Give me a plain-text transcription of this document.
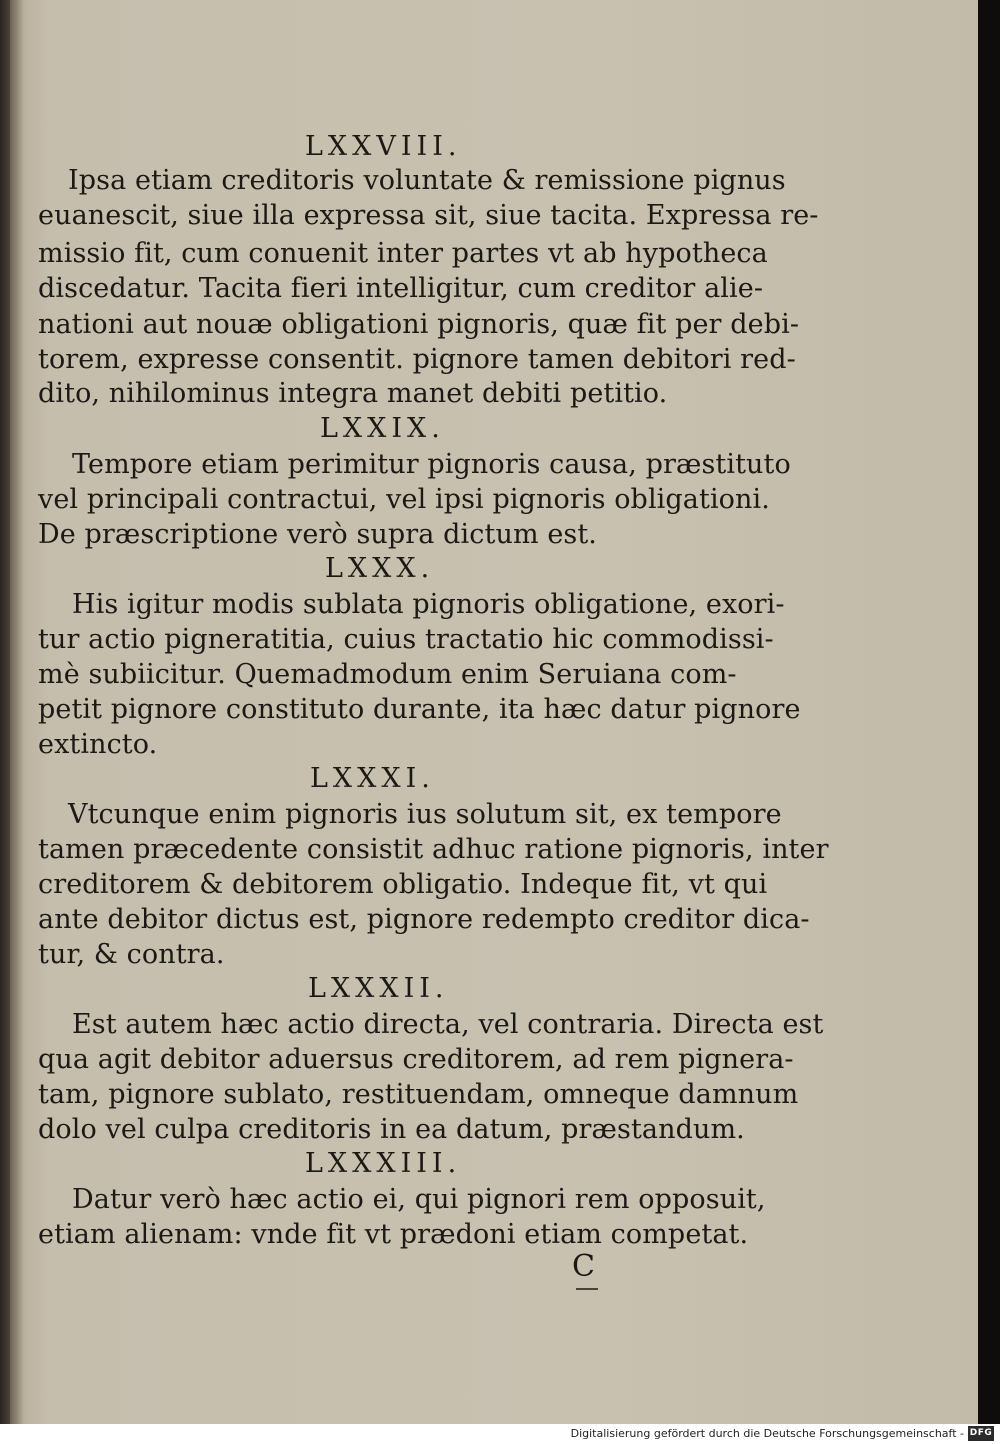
LXXVIII.
Ipsa etiam creditoris voluntate & remissione pignus
euanescit, siue illa expressa sit, siue tacita. Expressa re-
missio fit, cum conuenit inter partes vt ab hypotheca
discedatur. Tacita fieri intelligitur, cum creditor alie-
nationi aut nouæ obligationi pignoris, quæ fit per debi-
torem, expresse consentit. pignore tamen debitori red-
dito, nihilominus integra manet debiti petitio.
LXXIX.
Tempore etiam perimitur pignoris causa, præstituto
vel principali contractui, vel ipsi pignoris obligationi.
De præscriptione verò supra dictum est.
LXXX.
His igitur modis sublata pignoris obligatione, exori-
tur actio pigneratitia, cuius tractatio hic commodissi-
mè subiicitur. Quemadmodum enim Seruiana com-
petit pignore constituto durante, ita hæc datur pignore
extincto.
LXXXI.
Vtcunque enim pignoris ius solutum sit, ex tempore
tamen præcedente consistit adhuc ratione pignoris, inter
creditorem & debitorem obligatio. Indeque fit, vt qui
ante debitor dictus est, pignore redempto creditor dica-
tur, & contra.
LXXXII.
Est autem hæc actio directa, vel contraria. Directa est
qua agit debitor aduersus creditorem, ad rem pignera-
tam, pignore sublato, restituendam, omneque damnum
dolo vel culpa creditoris in ea datum, præstandum.
LXXXIII.
Datur verò hæc actio ei, qui pignori rem opposuit,
etiam alienam: vnde fit vt prædoni etiam competat.
C
Digitalisierung gefördert durch die Deutsche Forschungsgemeinschaft - DFG
